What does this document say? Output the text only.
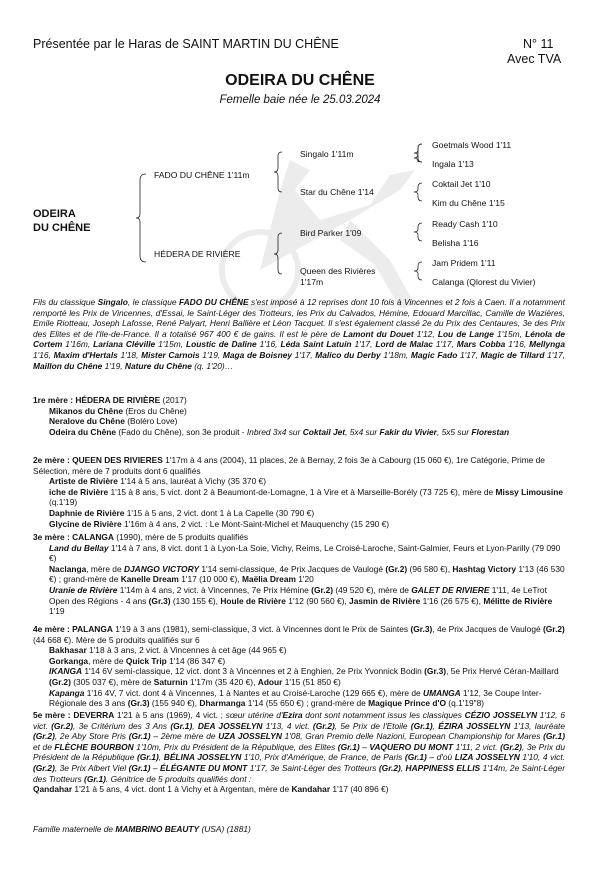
Présentée par le Haras de SAINT MARTIN DU CHÊNE	N° 11
Avec TVA
ODEIRA DU CHÊNE
Femelle baie née le 25.03.2024
ODEIRA
DU CHÊNE
FADO DU CHÊNE 1'11m
HÉDERA DE RIVIÈRE
Singalo 1'11m
Star du Chêne 1'14
Bird Parker 1'09
Queen des Rivières
1'17m
Goetmals Wood 1'11
Ingala 1'13
Coktail Jet 1'10
Kim du Chêne 1'15
Ready Cash 1'10
Belisha 1'16
Jam Pridem 1'11
Calanga (Qlorest du Vivier)
Fils du classique Singalo, le classique FADO DU CHÊNE s'est imposé à 12 reprises dont 10 fois à Vincennes et 2 fois à Caen. Il a notamment remporté les Prix de Vincennes, d'Essai, le Saint-Léger des Trotteurs, les Prix du Calvados, Hémine, Edouard Marcillac, Camille de Wazières, Emile Riotteau, Joseph Lafosse, René Palyart, Henri Ballière et Léon Tacquet. Il s'est également classé 2e du Prix des Centaures, 3e des Prix des Elites et de l'Ile-de-France. Il a totalisé 967 400 € de gains. Il est le père de Lamont du Douet 1'12, Lou de Lange 1'15m, Lénola de Cortem 1'16m, Lariana Cléville 1'15m, Loustic de Daline 1'16, Léda Saint Latuin 1'17, Lord de Malac 1'17, Mars Cobba 1'16, Mellynga 1'16, Maxim d'Hertals 1'18, Mister Carnois 1'19, Maga de Boisney 1'17, Malico du Derby 1'18m, Magic Fado 1'17, Magic de Tillard 1'17, Maillon du Chêne 1'19, Nature du Chêne (q. 1'20)…

1re mère : HÉDERA DE RIVIÈRE (2017)

Mikanos du Chêne (Eros du Chêne)

Neralove du Chêne (Boléro Love)

Odeira du Chêne (Fado du Chêne), son 3e produit - Inbred 3x4 sur Coktail Jet, 5x4 sur Fakir du Vivier, 5x5 sur Florestan

2e mère : QUEEN DES RIVIERES 1'17m à 4 ans (2004), 11 places, 2e à Bernay, 2 fois 3e à Cabourg (15 060 €), 1re Catégorie, Prime de Sélection, mère de 7 produits dont 6 qualifiés

Artiste de Rivière 1'14 à 5 ans, lauréat à Vichy (35 370 €)

iche de Rivière 1'15 à 8 ans, 5 vict. dont 2 à Beaumont-de-Lomagne, 1 à Vire et à Marseille-Borély (73 725 €), mère de Missy Limousine (q.1'19)

Daphnie de Rivière 1'15 à 5 ans, 2 vict. dont 1 à La Capelle (30 790 €)

Glycine de Rivière 1'16m à 4 ans, 2 vict. : Le Mont-Saint-Michel et Mauquenchy (15 290 €)

3e mère : CALANGA (1990), mère de 5 produits qualifiés

Land du Bellay 1'14 à 7 ans, 8 vict. dont 1 à Lyon-La Soie, Vichy, Reims, Le Croisé-Laroche, Saint-Galmier, Feurs et Lyon-Parilly (79 090 €)

Naclanga, mère de DJANGO VICTORY 1'14 semi-classique, 4e Prix Jacques de Vaulogé (Gr.2) (96 580 €), Hashtag Victory 1'13 (46 530 €) ; grand-mère de Kanelle Dream 1'17 (10 000 €), Maëlia Dream 1'20

Uranie de Rivière 1'14m à 4 ans, 2 vict. à Vincennes, 7e Prix Hémine (Gr.2) (49 520 €), mère de GALET DE RIVIERE 1'11, 4e LeTrot Open des Régions - 4 ans (Gr.3) (130 155 €), Houle de Rivière 1'12 (90 560 €), Jasmin de Rivière 1'16 (26 575 €), Mélitte de Rivière 1'19

4e mère : PALANGA 1'19 à 3 ans (1981), semi-classique, 3 vict. à Vincennes dont le Prix de Saintes (Gr.3), 4e Prix Jacques de Vaulogé (Gr.2) (44 668 €). Mère de 5 produits qualifiés sur 6

Bakhasar 1'18 à 3 ans, 2 vict. à Vincennes à cet âge (44 965 €)

Gorkanga, mère de Quick Trip 1'14 (86 347 €)

IKANGA 1'14 6V semi-classique, 12 vict. dont 3 à Vincennes et 2 à Enghien, 2e Prix Yvonnick Bodin (Gr.3), 5e Prix Hervé Céran-Maillard (Gr.2) (305 037 €), mère de Saturnin 1'17m (35 420 €), Adour 1'15 (51 850 €)

Kapanga 1'16 4V, 7 vict. dont 4 à Vincennes, 1 à Nantes et au Croisé-Laroche (129 665 €), mère de UMANGA 1'12, 3e Coupe Inter-Régionale des 3 ans (Gr.3) (155 940 €), Dharmanga 1'14 (55 650 €) ; grand-mère de Magique Prince d'O (q.1'19"8)

5e mère : DEVERRA 1'21 à 5 ans (1969), 4 vict. ; sœur utérine d'Ezira dont sont notamment issus les classiques CÉZIO JOSSELYN 1'12, 6 vict. (Gr.2), 3e Critérium des 3 Ans (Gr.1), DEA JOSSELYN 1'13, 4 vict. (Gr.2), 5e Prix de l'Etoile (Gr.1), ÉZIRA JOSSELYN 1'13, lauréate (Gr.2), 2e Aby Store Pris (Gr.1) – 2ème mère de UZA JOSSELYN 1'08, Gran Premio delle Nazioni, European Championship for Mares (Gr.1) et de FLÈCHE BOURBON 1'10m, Prix du Président de la République, des Elites (Gr.1) – VAQUERO DU MONT 1'11, 2 vict. (Gr.2), 3e Prix du Président de la République (Gr.1), BÉLINA JOSSELYN 1'10, Prix d'Amérique, de France, de Paris (Gr.1) – d'où LIZA JOSSELYN 1'10, 4 vict. (Gr.2), 3e Prix Albert Viel (Gr.1) – ÉLÉGANTE DU MONT 1'17, 3e Saint-Léger des Trotteurs (Gr.2), HAPPINESS ELLIS 1'14m, 2e Saint-Léger des Trotteurs (Gr.1). Génitrice de 5 produits qualifiés dont :

Qandahar 1'21 à 5 ans, 4 vict. dont 1 à Vichy et à Argentan, mère de Kandahar 1'17 (40 896 €)

Famille maternelle de MAMBRINO BEAUTY (USA) (1881)
